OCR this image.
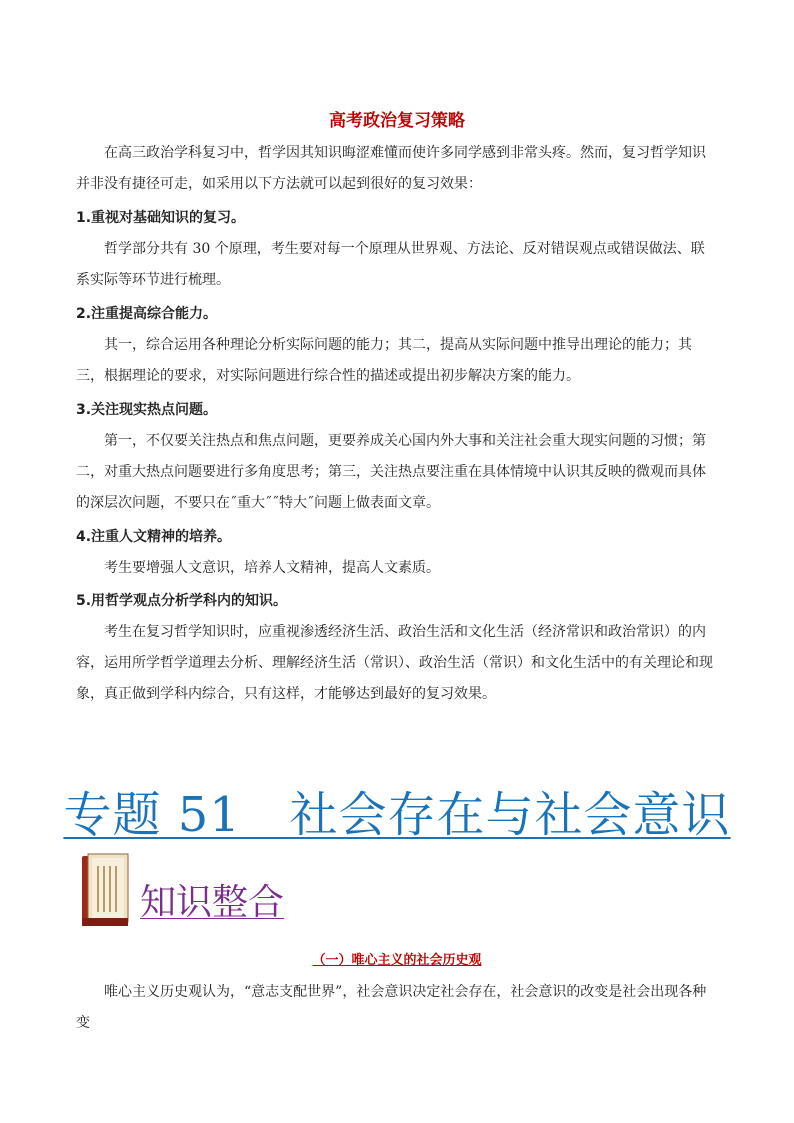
高考政治复习策略

在高三政治学科复习中，哲学因其知识晦涩难懂而使许多同学感到非常头疼。然而，复习哲学知识并非没有捷径可走，如采用以下方法就可以起到很好的复习效果：

1.重视对基础知识的复习。

哲学部分共有 30 个原理，考生要对每一个原理从世界观、方法论、反对错误观点或错误做法、联系实际等环节进行梳理。

2.注重提高综合能力。

其一，综合运用各种理论分析实际问题的能力；其二，提高从实际问题中推导出理论的能力；其三，根据理论的要求，对实际问题进行综合性的描述或提出初步解决方案的能力。

3.关注现实热点问题。

第一，不仅要关注热点和焦点问题，更要养成关心国内外大事和关注社会重大现实问题的习惯；第二，对重大热点问题要进行多角度思考；第三，关注热点要注重在具体情境中认识其反映的微观而具体的深层次问题，不要只在˝重大˝˝特大˝问题上做表面文章。

4.注重人文精神的培养。

考生要增强人文意识，培养人文精神，提高人文素质。

5.用哲学观点分析学科内的知识。

考生在复习哲学知识时，应重视渗透经济生活、政治生活和文化生活（经济常识和政治常识）的内容，运用所学哲学道理去分析、理解经济生活（常识）、政治生活（常识）和文化生活中的有关理论和现象，真正做到学科内综合，只有这样，才能够达到最好的复习效果。

专题 51   社会存在与社会意识
知识整合
（一）唯心主义的社会历史观

唯心主义历史观认为，“意志支配世界”，社会意识决定社会存在，社会意识的改变是社会出现各种变
